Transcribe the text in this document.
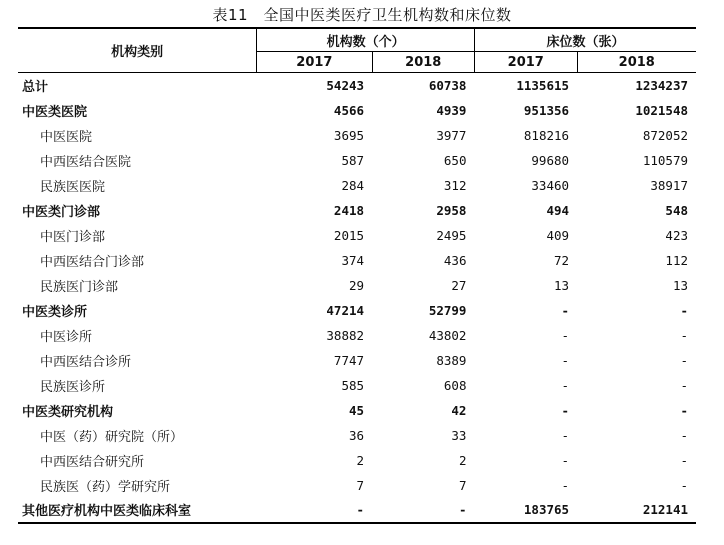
表11　全国中医类医疗卫生机构数和床位数
机构类别	机构数（个）		床位数（张）	
	2017	2018	2017	2018
总计	54243	60738	1135615	1234237
中医类医院	4566	4939	951356	1021548
中医医院	3695	3977	818216	872052
中西医结合医院	587	650	99680	110579
民族医医院	284	312	33460	38917
中医类门诊部	2418	2958	494	548
中医门诊部	2015	2495	409	423
中西医结合门诊部	374	436	72	112
民族医门诊部	29	27	13	13
中医类诊所	47214	52799	-	-
中医诊所	38882	43802	-	-
中西医结合诊所	7747	8389	-	-
民族医诊所	585	608	-	-
中医类研究机构	45	42	-	-
中医（药）研究院（所）	36	33	-	-
中西医结合研究所	2	2	-	-
民族医（药）学研究所	7	7	-	-
其他医疗机构中医类临床科室	-	-	183765	212141
